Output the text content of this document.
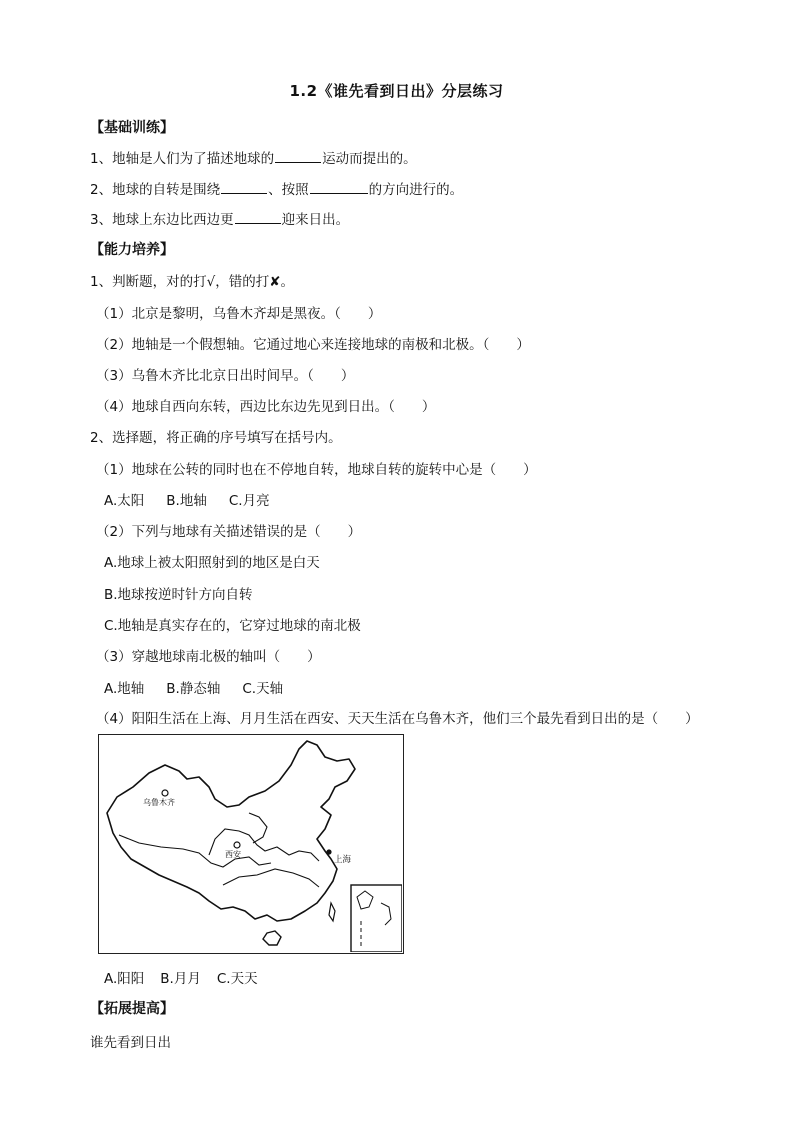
1.2《谁先看到日出》分层练习
【基础训练】
1、地轴是人们为了描述地球的	运动而提出的。
2、地球的自转是围绕	、按照	的方向进行的。
3、地球上东边比西边更	迎来日出。
【能力培养】
1、判断题，对的打√，错的打✘。
（1）北京是黎明，乌鲁木齐却是黑夜。（　　）
（2）地轴是一个假想轴。它通过地心来连接地球的南极和北极。（　　）
（3）乌鲁木齐比北京日出时间早。（　　）
（4）地球自西向东转，西边比东边先见到日出。（　　）
2、选择题，将正确的序号填写在括号内。
（1）地球在公转的同时也在不停地自转，地球自转的旋转中心是（　　）
A.太阳 B.地轴 C.月亮
（2）下列与地球有关描述错误的是（　　）
A.地球上被太阳照射到的地区是白天
B.地球按逆时针方向自转
C.地轴是真实存在的，它穿过地球的南北极
（3）穿越地球南北极的轴叫（　　）
A.地轴 B.静态轴 C.天轴
（4）阳阳生活在上海、月月生活在西安、天天生活在乌鲁木齐，他们三个最先看到日出的是（　　）
乌鲁木齐
西安
上海
A.阳阳 B.月月 C.天天
【拓展提高】
谁先看到日出
